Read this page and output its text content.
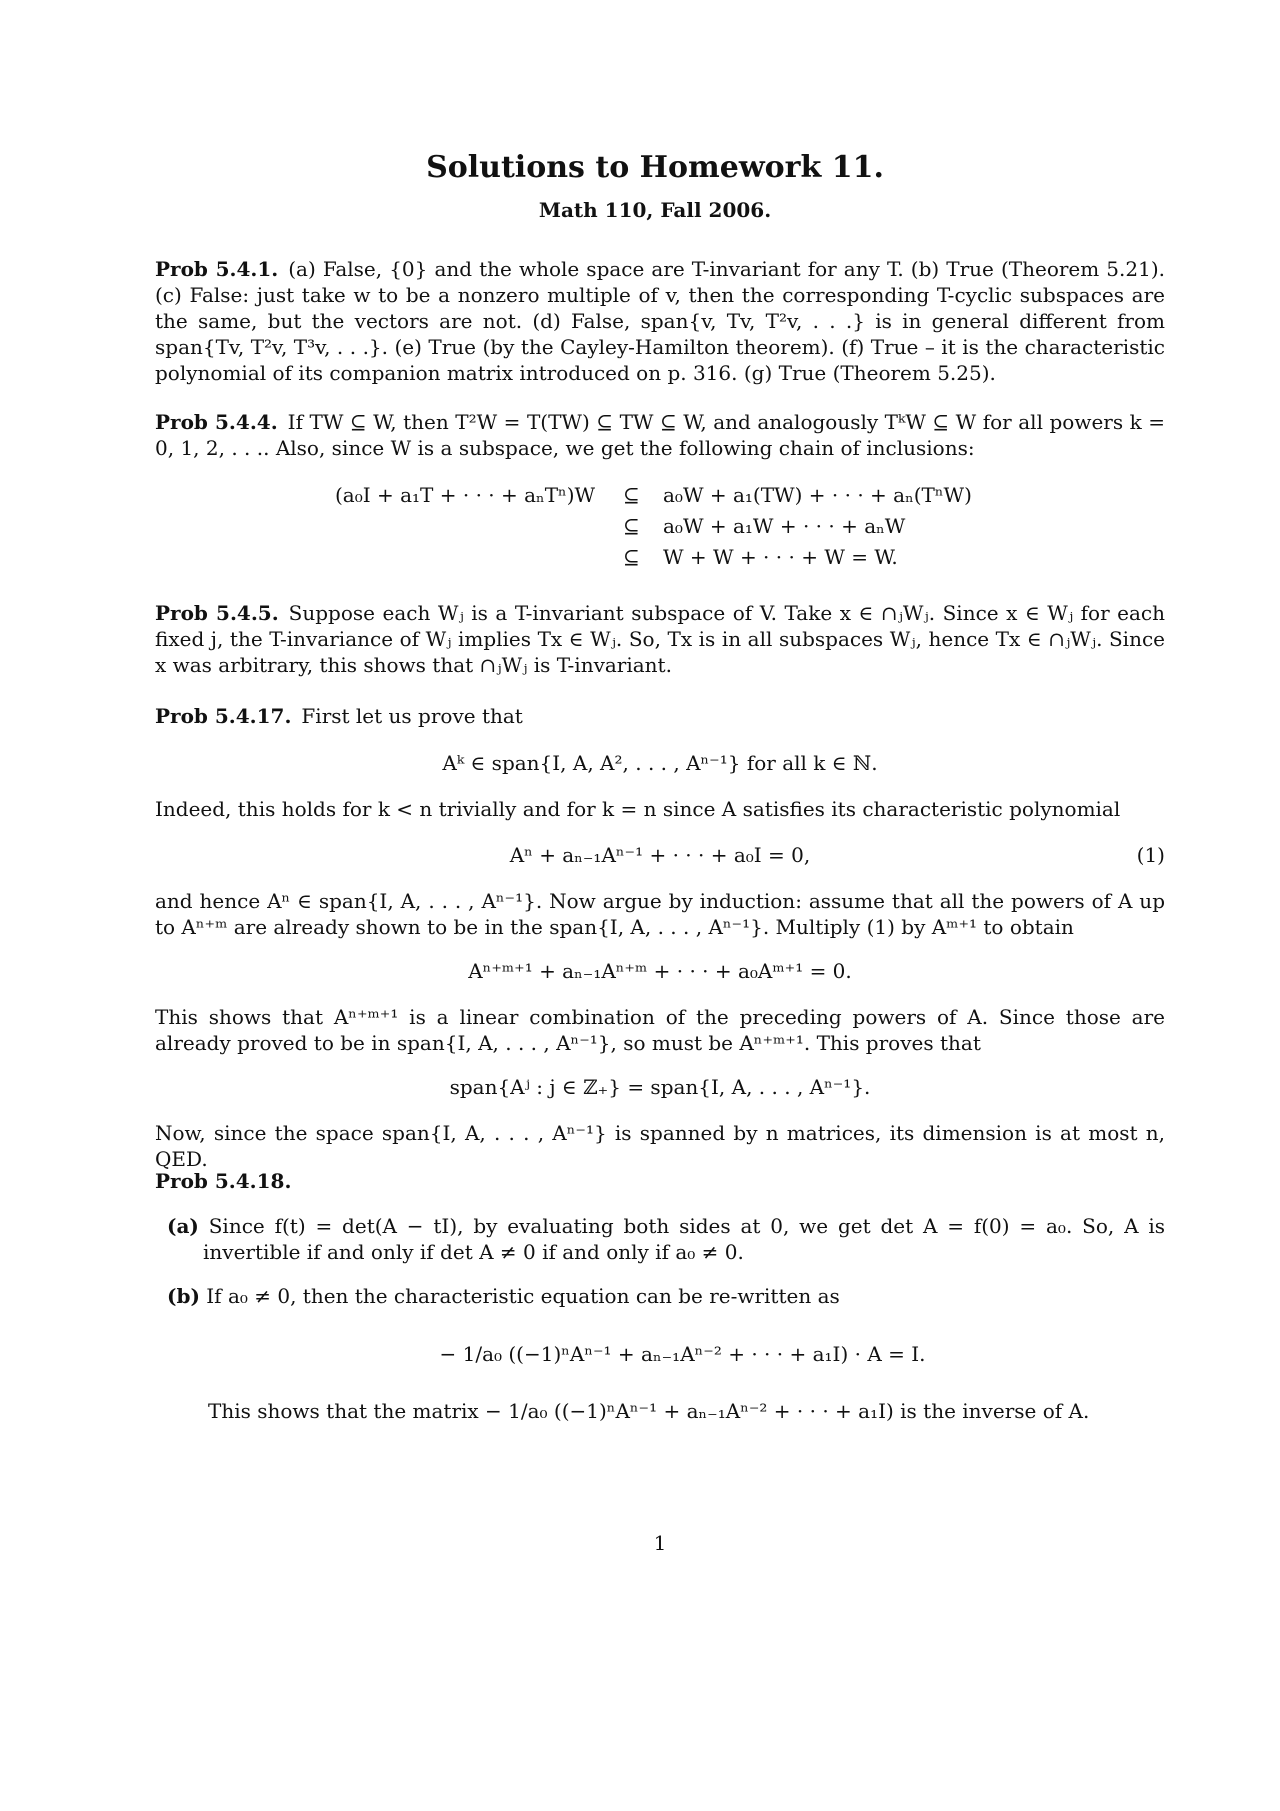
Solutions to Homework 11.
Math 110, Fall 2006.
Prob 5.4.1. (a) False, {0} and the whole space are T-invariant for any T. (b) True (Theorem 5.21). (c) False: just take w to be a nonzero multiple of v, then the corresponding T-cyclic subspaces are the same, but the vectors are not. (d) False, span{v, Tv, T²v, . . .} is in general different from span{Tv, T²v, T³v, . . .}. (e) True (by the Cayley-Hamilton theorem). (f) True – it is the characteristic polynomial of its companion matrix introduced on p. 316. (g) True (Theorem 5.25).
Prob 5.4.4. If TW ⊆ W, then T²W = T(TW) ⊆ TW ⊆ W, and analogously TᵏW ⊆ W for all powers k = 0, 1, 2, . . .. Also, since W is a subspace, we get the following chain of inclusions:
(a₀I + a₁T + · · · + aₙTⁿ)W ⊆ a₀W + a₁(TW) + · · · + aₙ(TⁿW)
⊆ a₀W + a₁W + · · · + aₙW
⊆ W + W + · · · + W = W.
Prob 5.4.5. Suppose each Wⱼ is a T-invariant subspace of V. Take x ∈ ∩ⱼWⱼ. Since x ∈ Wⱼ for each fixed j, the T-invariance of Wⱼ implies Tx ∈ Wⱼ. So, Tx is in all subspaces Wⱼ, hence Tx ∈ ∩ⱼWⱼ. Since x was arbitrary, this shows that ∩ⱼWⱼ is T-invariant.
Prob 5.4.17. First let us prove that
Aᵏ ∈ span{I, A, A², . . . , Aⁿ⁻¹} for all k ∈ ℕ.
Indeed, this holds for k < n trivially and for k = n since A satisfies its characteristic polynomial
Aⁿ + aₙ₋₁Aⁿ⁻¹ + · · · + a₀I = 0,	(1)
and hence Aⁿ ∈ span{I, A, . . . , Aⁿ⁻¹}. Now argue by induction: assume that all the powers of A up to Aⁿ⁺ᵐ are already shown to be in the span{I, A, . . . , Aⁿ⁻¹}. Multiply (1) by Aᵐ⁺¹ to obtain
Aⁿ⁺ᵐ⁺¹ + aₙ₋₁Aⁿ⁺ᵐ + · · · + a₀Aᵐ⁺¹ = 0.
This shows that Aⁿ⁺ᵐ⁺¹ is a linear combination of the preceding powers of A. Since those are already proved to be in span{I, A, . . . , Aⁿ⁻¹}, so must be Aⁿ⁺ᵐ⁺¹. This proves that
span{Aʲ : j ∈ ℤ₊} = span{I, A, . . . , Aⁿ⁻¹}.
Now, since the space span{I, A, . . . , Aⁿ⁻¹} is spanned by n matrices, its dimension is at most n, QED.
Prob 5.4.18.
(a) Since f(t) = det(A − tI), by evaluating both sides at 0, we get det A = f(0) = a₀. So, A is invertible if and only if det A ≠ 0 if and only if a₀ ≠ 0.
(b) If a₀ ≠ 0, then the characteristic equation can be re-written as
− 1/a₀ ((−1)ⁿAⁿ⁻¹ + aₙ₋₁Aⁿ⁻² + · · · + a₁I) · A = I.
This shows that the matrix − 1/a₀ ((−1)ⁿAⁿ⁻¹ + aₙ₋₁Aⁿ⁻² + · · · + a₁I) is the inverse of A.
1
